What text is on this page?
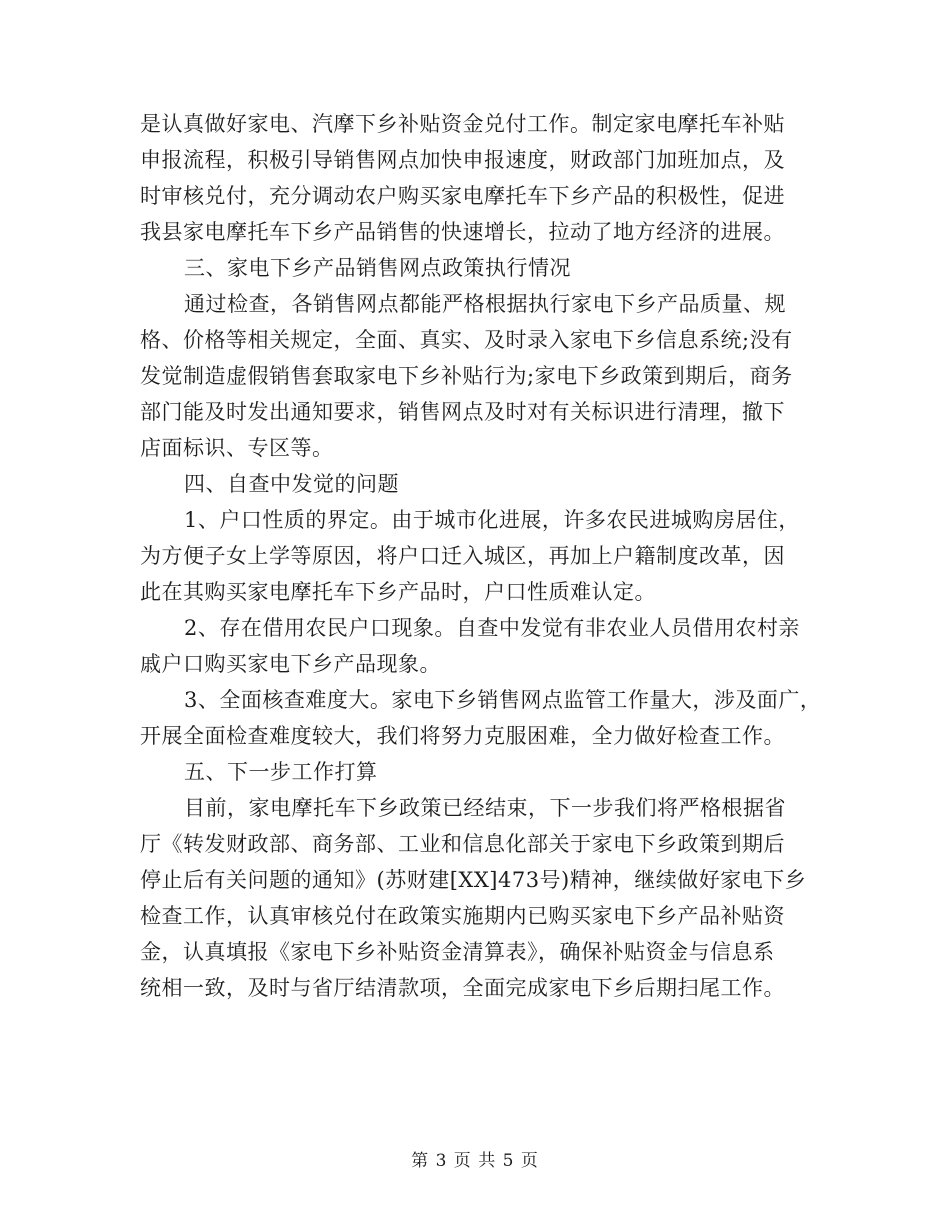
是认真做好家电、汽摩下乡补贴资金兑付工作。制定家电摩托车补贴
申报流程，积极引导销售网点加快申报速度，财政部门加班加点，及
时审核兑付，充分调动农户购买家电摩托车下乡产品的积极性，促进
我县家电摩托车下乡产品销售的快速增长，拉动了地方经济的进展。
三、家电下乡产品销售网点政策执行情况
通过检查，各销售网点都能严格根据执行家电下乡产品质量、规
格、价格等相关规定，全面、真实、及时录入家电下乡信息系统;没有
发觉制造虚假销售套取家电下乡补贴行为;家电下乡政策到期后，商务
部门能及时发出通知要求，销售网点及时对有关标识进行清理，撤下
店面标识、专区等。
四、自查中发觉的问题
1、户口性质的界定。由于城市化进展，许多农民进城购房居住，
为方便子女上学等原因，将户口迁入城区，再加上户籍制度改革，因
此在其购买家电摩托车下乡产品时，户口性质难认定。
2、存在借用农民户口现象。自查中发觉有非农业人员借用农村亲
戚户口购买家电下乡产品现象。
3、全面核查难度大。家电下乡销售网点监管工作量大，涉及面广，
开展全面检查难度较大，我们将努力克服困难，全力做好检查工作。
五、下一步工作打算
目前，家电摩托车下乡政策已经结束，下一步我们将严格根据省
厅《转发财政部、商务部、工业和信息化部关于家电下乡政策到期后
停止后有关问题的通知》(苏财建[XX]473号)精神，继续做好家电下乡
检查工作，认真审核兑付在政策实施期内已购买家电下乡产品补贴资
金，认真填报《家电下乡补贴资金清算表》，确保补贴资金与信息系
统相一致，及时与省厅结清款项，全面完成家电下乡后期扫尾工作。
第 3 页 共 5 页
